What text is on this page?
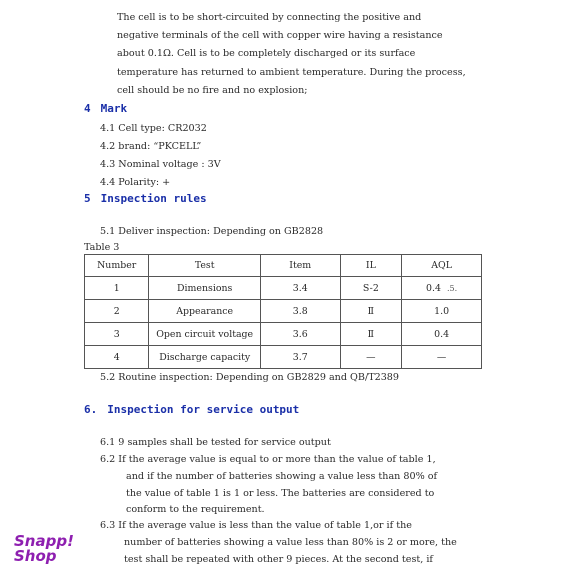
The cell is to be short-circuited by connecting the positive and
negative terminals of the cell with copper wire having a resistance
about 0.1Ω. Cell is to be completely discharged or its surface
temperature has returned to ambient temperature. During the process,
cell should be no fire and no explosion;
4 Mark
4.1 Cell type: CR2032
4.2 brand: “PKCELL”
4.3 Nominal voltage : 3V
4.4 Polarity: +
5 Inspection rules
5.1 Deliver inspection: Depending on GB2828
Table 3
Number	Test	Item	IL	AQL
1	Dimensions	3.4	S-2	0.4 .5.
2	Appearance	3.8	Ⅱ	1.0
3	Open circuit voltage	3.6	Ⅱ	0.4
4	Discharge capacity	3.7	—	—
5.2 Routine inspection: Depending on GB2829 and QB/T2389
6. Inspection for service output
6.1 9 samples shall be tested for service output
6.2 If the average value is equal to or more than the value of table 1,
and if the number of batteries showing a value less than 80% of
the value of table 1 is 1 or less. The batteries are considered to
conform to the requirement.
6.3 If the average value is less than the value of table 1,or if the
number of batteries showing a value less than 80% is 2 or more, the
test shall be repeated with other 9 pieces. At the second test, if
Snapp!
Shop
